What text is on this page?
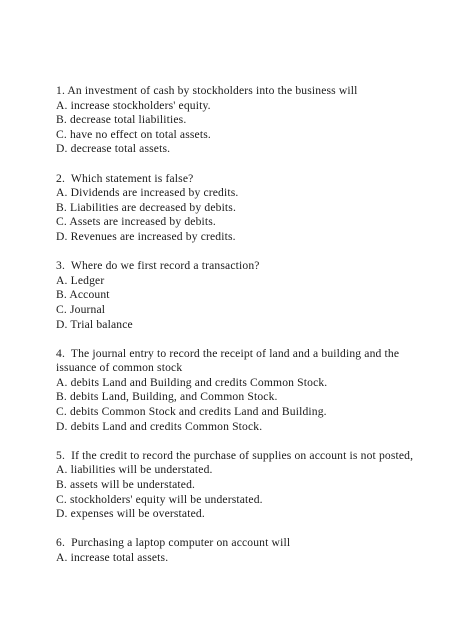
1. An investment of cash by stockholders into the business will

A. increase stockholders' equity.

B. decrease total liabilities.

C. have no effect on total assets.

D. decrease total assets.

2.  Which statement is false?

A. Dividends are increased by credits.

B. Liabilities are decreased by debits.

C. Assets are increased by debits.

D. Revenues are increased by credits.

3.  Where do we first record a transaction?

A. Ledger

B. Account

C. Journal

D. Trial balance

4.  The journal entry to record the receipt of land and a building and the issuance of common stock

A. debits Land and Building and credits Common Stock.

B. debits Land, Building, and Common Stock.

C. debits Common Stock and credits Land and Building.

D. debits Land and credits Common Stock.

5.  If the credit to record the purchase of supplies on account is not posted,

A. liabilities will be understated.

B. assets will be understated.

C. stockholders' equity will be understated.

D. expenses will be overstated.

6.  Purchasing a laptop computer on account will

A. increase total assets.
